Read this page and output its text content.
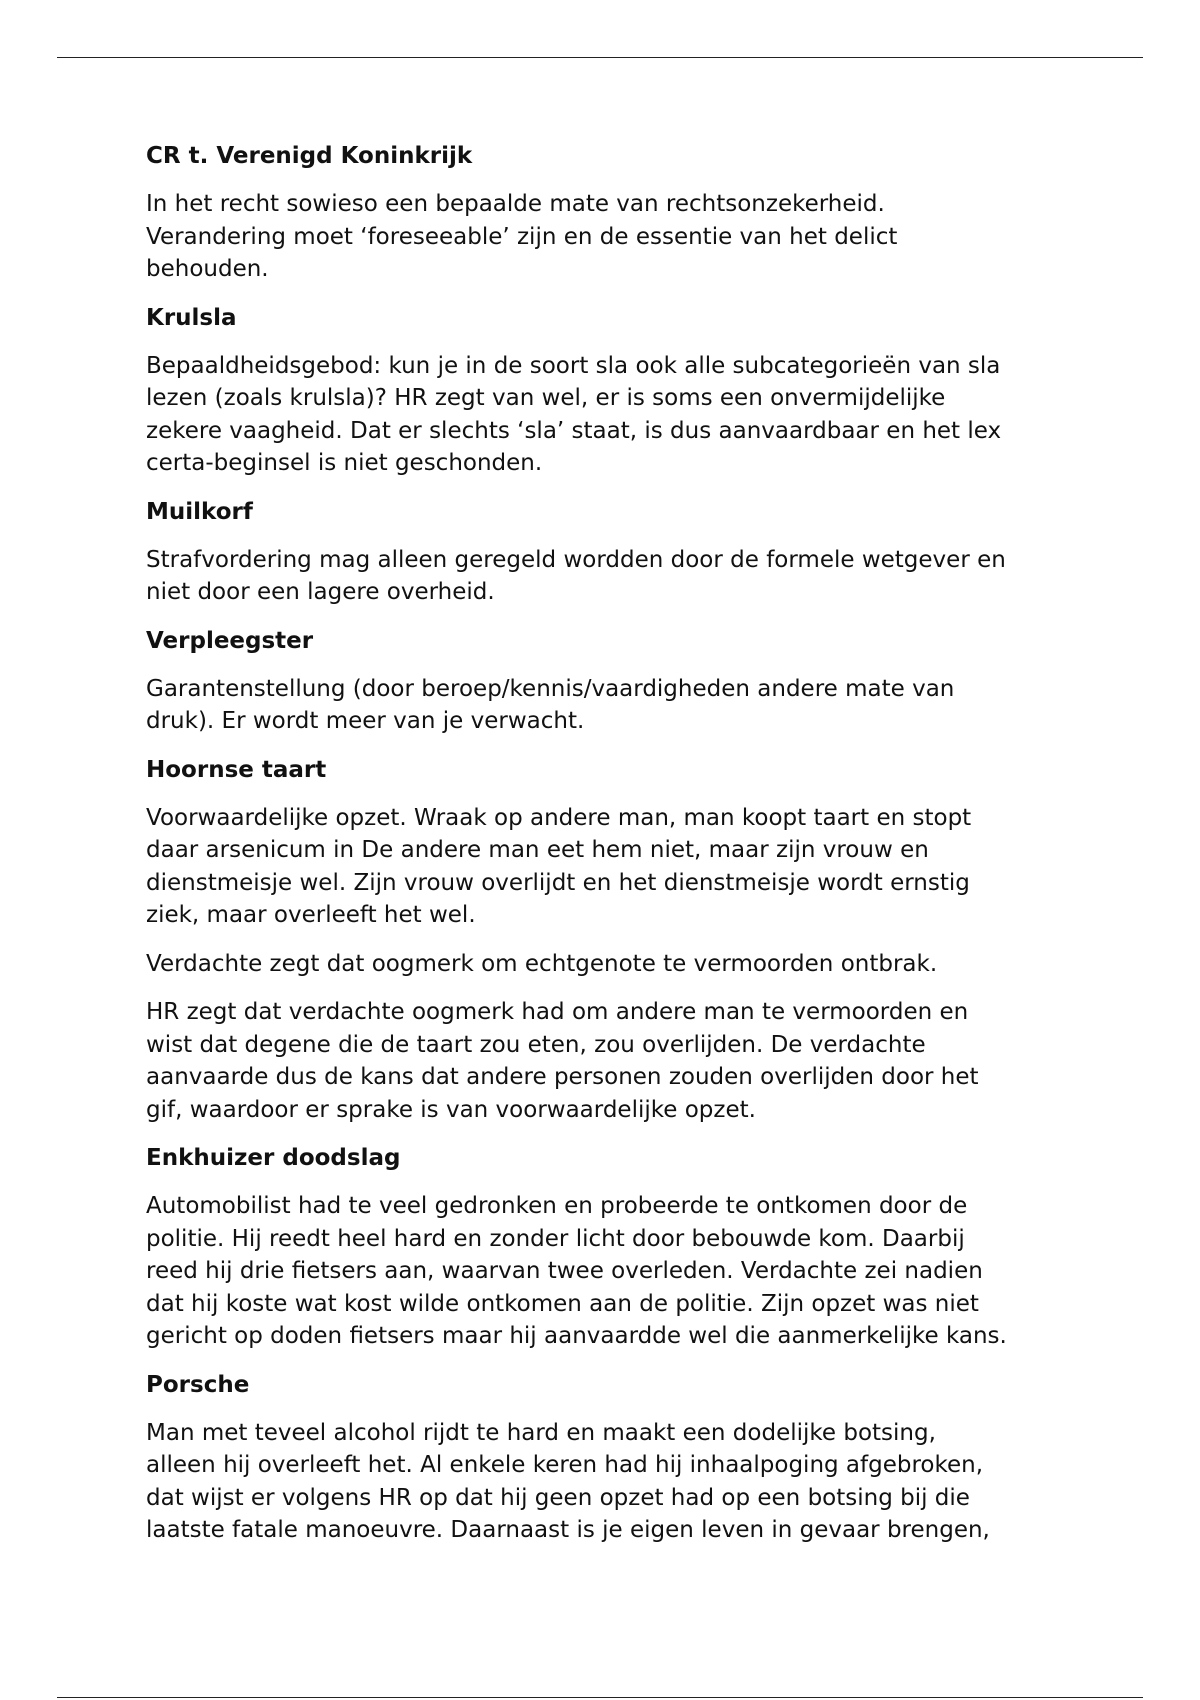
CR t. Verenigd Koninkrijk
In het recht sowieso een bepaalde mate van rechtsonzekerheid.
Verandering moet ‘foreseeable’ zijn en de essentie van het delict
behouden.
Krulsla
Bepaaldheidsgebod: kun je in de soort sla ook alle subcategorieën van sla
lezen (zoals krulsla)? HR zegt van wel, er is soms een onvermijdelijke
zekere vaagheid. Dat er slechts ‘sla’ staat, is dus aanvaardbaar en het lex
certa-beginsel is niet geschonden.
Muilkorf
Strafvordering mag alleen geregeld wordden door de formele wetgever en
niet door een lagere overheid.
Verpleegster
Garantenstellung (door beroep/kennis/vaardigheden andere mate van
druk). Er wordt meer van je verwacht.
Hoornse taart
Voorwaardelijke opzet. Wraak op andere man, man koopt taart en stopt
daar arsenicum in De andere man eet hem niet, maar zijn vrouw en
dienstmeisje wel. Zijn vrouw overlijdt en het dienstmeisje wordt ernstig
ziek, maar overleeft het wel.
Verdachte zegt dat oogmerk om echtgenote te vermoorden ontbrak.
HR zegt dat verdachte oogmerk had om andere man te vermoorden en
wist dat degene die de taart zou eten, zou overlijden. De verdachte
aanvaarde dus de kans dat andere personen zouden overlijden door het
gif, waardoor er sprake is van voorwaardelijke opzet.
Enkhuizer doodslag
Automobilist had te veel gedronken en probeerde te ontkomen door de
politie. Hij reedt heel hard en zonder licht door bebouwde kom. Daarbij
reed hij drie fietsers aan, waarvan twee overleden. Verdachte zei nadien
dat hij koste wat kost wilde ontkomen aan de politie. Zijn opzet was niet
gericht op doden fietsers maar hij aanvaardde wel die aanmerkelijke kans.
Porsche
Man met teveel alcohol rijdt te hard en maakt een dodelijke botsing,
alleen hij overleeft het. Al enkele keren had hij inhaalpoging afgebroken,
dat wijst er volgens HR op dat hij geen opzet had op een botsing bij die
laatste fatale manoeuvre. Daarnaast is je eigen leven in gevaar brengen,
